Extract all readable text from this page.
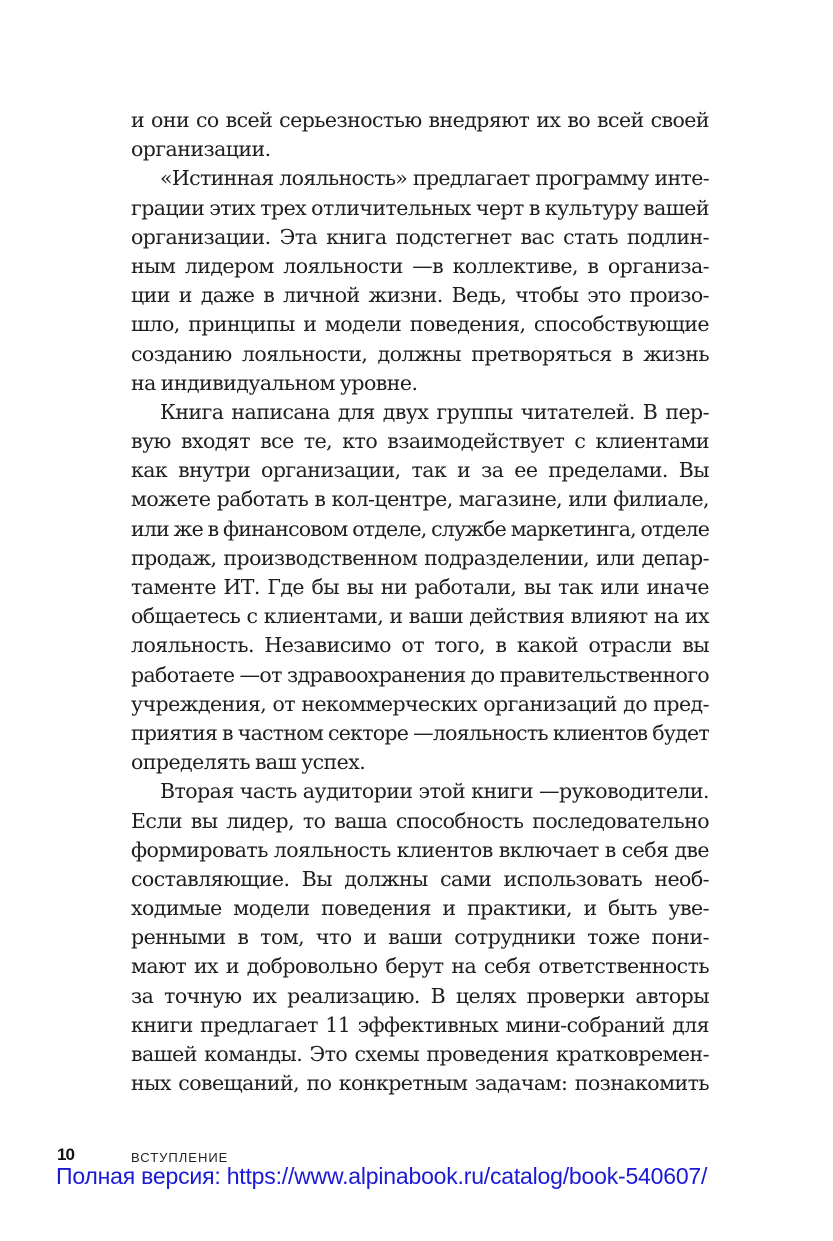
и они со всей серьезностью внедряют их во всей своей
организации.
«Истинная лояльность» предлагает программу инте-
грации этих трех отличительных черт в культуру вашей
организации. Эта книга подстегнет вас стать подлин-
ным лидером лояльности —в коллективе, в организа-
ции и даже в личной жизни. Ведь, чтобы это произо-
шло, принципы и модели поведения, способствующие
созданию лояльности, должны претворяться в жизнь
на индивидуальном уровне.
Книга написана для двух группы читателей. В пер-
вую входят все те, кто взаимодействует с клиентами
как внутри организации, так и за ее пределами. Вы
можете работать в кол-центре, магазине, или филиале,
или же в финансовом отделе, службе маркетинга, отделе
продаж, производственном подразделении, или депар-
таменте ИТ. Где бы вы ни работали, вы так или иначе
общаетесь с клиентами, и ваши действия влияют на их
лояльность. Независимо от того, в какой отрасли вы
работаете —от здравоохранения до правительственного
учреждения, от некоммерческих организаций до пред-
приятия в частном секторе —лояльность клиентов будет
определять ваш успех.
Вторая часть аудитории этой книги —руководители.
Если вы лидер, то ваша способность последовательно
формировать лояльность клиентов включает в себя две
составляющие. Вы должны сами использовать необ-
ходимые модели поведения и практики, и быть уве-
ренными в том, что и ваши сотрудники тоже пони-
мают их и добровольно берут на себя ответственность
за точную их реализацию. В целях проверки авторы
книги предлагает 11 эффективных мини-собраний для
вашей команды. Это схемы проведения кратковремен-
ных совещаний, по конкретным задачам: познакомить
10	ВСТУПЛЕНИЕ
Полная версия: https://www.alpinabook.ru/catalog/book-540607/
